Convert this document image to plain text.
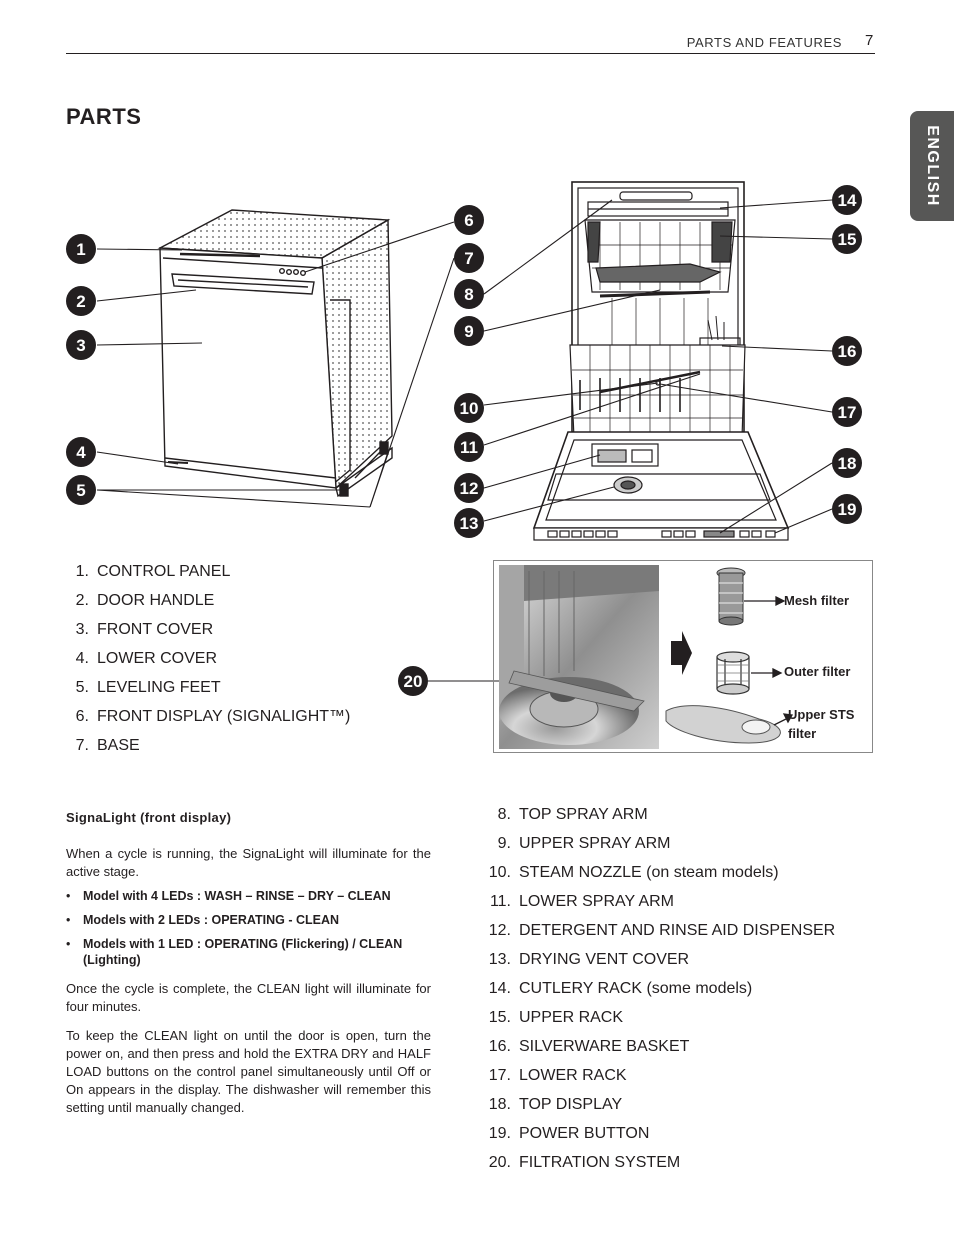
PARTS AND FEATURES 7
ENGLISH
PARTS
1
2
3
4
5
6
7
8
9
10
11
12
13
14
15
16
17
18
19
20
1. CONTROL PANEL
2. DOOR HANDLE
3. FRONT COVER
4. LOWER COVER
5. LEVELING FEET
6. FRONT DISPLAY (SIGNALIGHT™)
7. BASE
Mesh filter
Outer filter
Upper STS
filter
SignaLight (front display)

When a cycle is running, the SignaLight will illuminate for the active stage.

• Model with 4 LEDs : WASH – RINSE – DRY – CLEAN
• Models with 2 LEDs : OPERATING - CLEAN
• Models with 1 LED : OPERATING (Flickering) / CLEAN (Lighting)

Once the cycle is complete, the CLEAN light will illuminate for four minutes.

To keep the CLEAN light on until the door is open, turn the power on, and then press and hold the EXTRA DRY and HALF LOAD buttons on the control panel simultaneously until Off or On appears in the display. The dishwasher will remember this setting until manually changed.

8. TOP SPRAY ARM
9. UPPER SPRAY ARM
10. STEAM NOZZLE (on steam models)
11. LOWER SPRAY ARM
12. DETERGENT AND RINSE AID DISPENSER
13. DRYING VENT COVER
14. CUTLERY RACK (some models)
15. UPPER RACK
16. SILVERWARE BASKET
17. LOWER RACK
18. TOP DISPLAY
19. POWER BUTTON
20. FILTRATION SYSTEM
